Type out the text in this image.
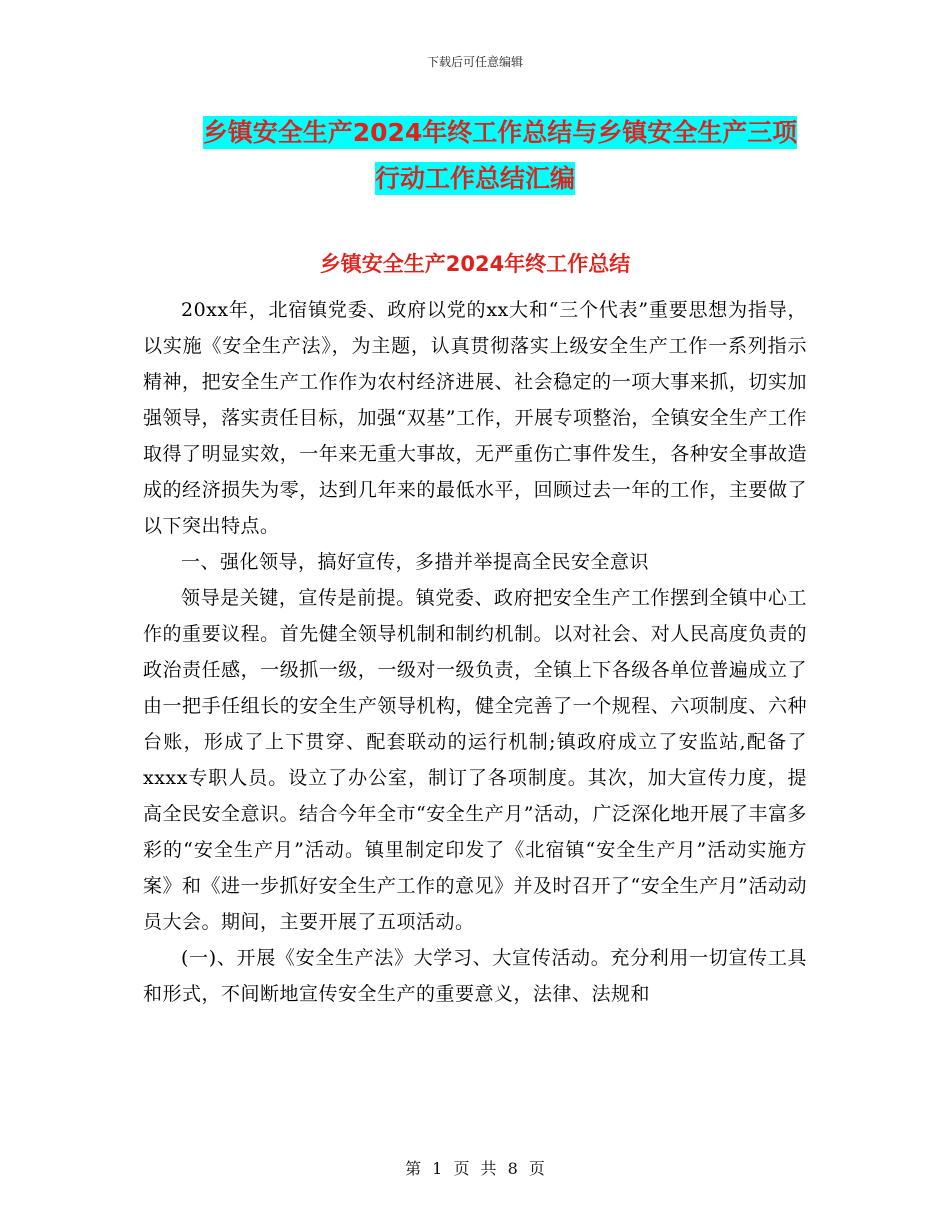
下载后可任意编辑
乡镇安全生产2024年终工作总结与乡镇安全生产三项
行动工作总结汇编
乡镇安全生产2024年终工作总结

20xx年，北宿镇党委、政府以党的xx大和“三个代表”重要思想为指导，以实施《安全生产法》，为主题，认真贯彻落实上级安全生产工作一系列指示精神，把安全生产工作作为农村经济进展、社会稳定的一项大事来抓，切实加强领导，落实责任目标，加强“双基”工作，开展专项整治，全镇安全生产工作取得了明显实效，一年来无重大事故，无严重伤亡事件发生，各种安全事故造成的经济损失为零，达到几年来的最低水平，回顾过去一年的工作，主要做了以下突出特点。

一、强化领导，搞好宣传，多措并举提高全民安全意识

领导是关键，宣传是前提。镇党委、政府把安全生产工作摆到全镇中心工作的重要议程。首先健全领导机制和制约机制。以对社会、对人民高度负责的政治责任感，一级抓一级，一级对一级负责，全镇上下各级各单位普遍成立了由一把手任组长的安全生产领导机构，健全完善了一个规程、六项制度、六种台账，形成了上下贯穿、配套联动的运行机制;镇政府成立了安监站,配备了xxxx专职人员。设立了办公室，制订了各项制度。其次，加大宣传力度，提高全民安全意识。结合今年全市“安全生产月”活动，广泛深化地开展了丰富多彩的“安全生产月”活动。镇里制定印发了《北宿镇“安全生产月”活动实施方案》和《进一步抓好安全生产工作的意见》并及时召开了“安全生产月”活动动员大会。期间，主要开展了五项活动。

(一)、开展《安全生产法》大学习、大宣传活动。充分利用一切宣传工具和形式，不间断地宣传安全生产的重要意义，法律、法规和

第 1 页 共 8 页
